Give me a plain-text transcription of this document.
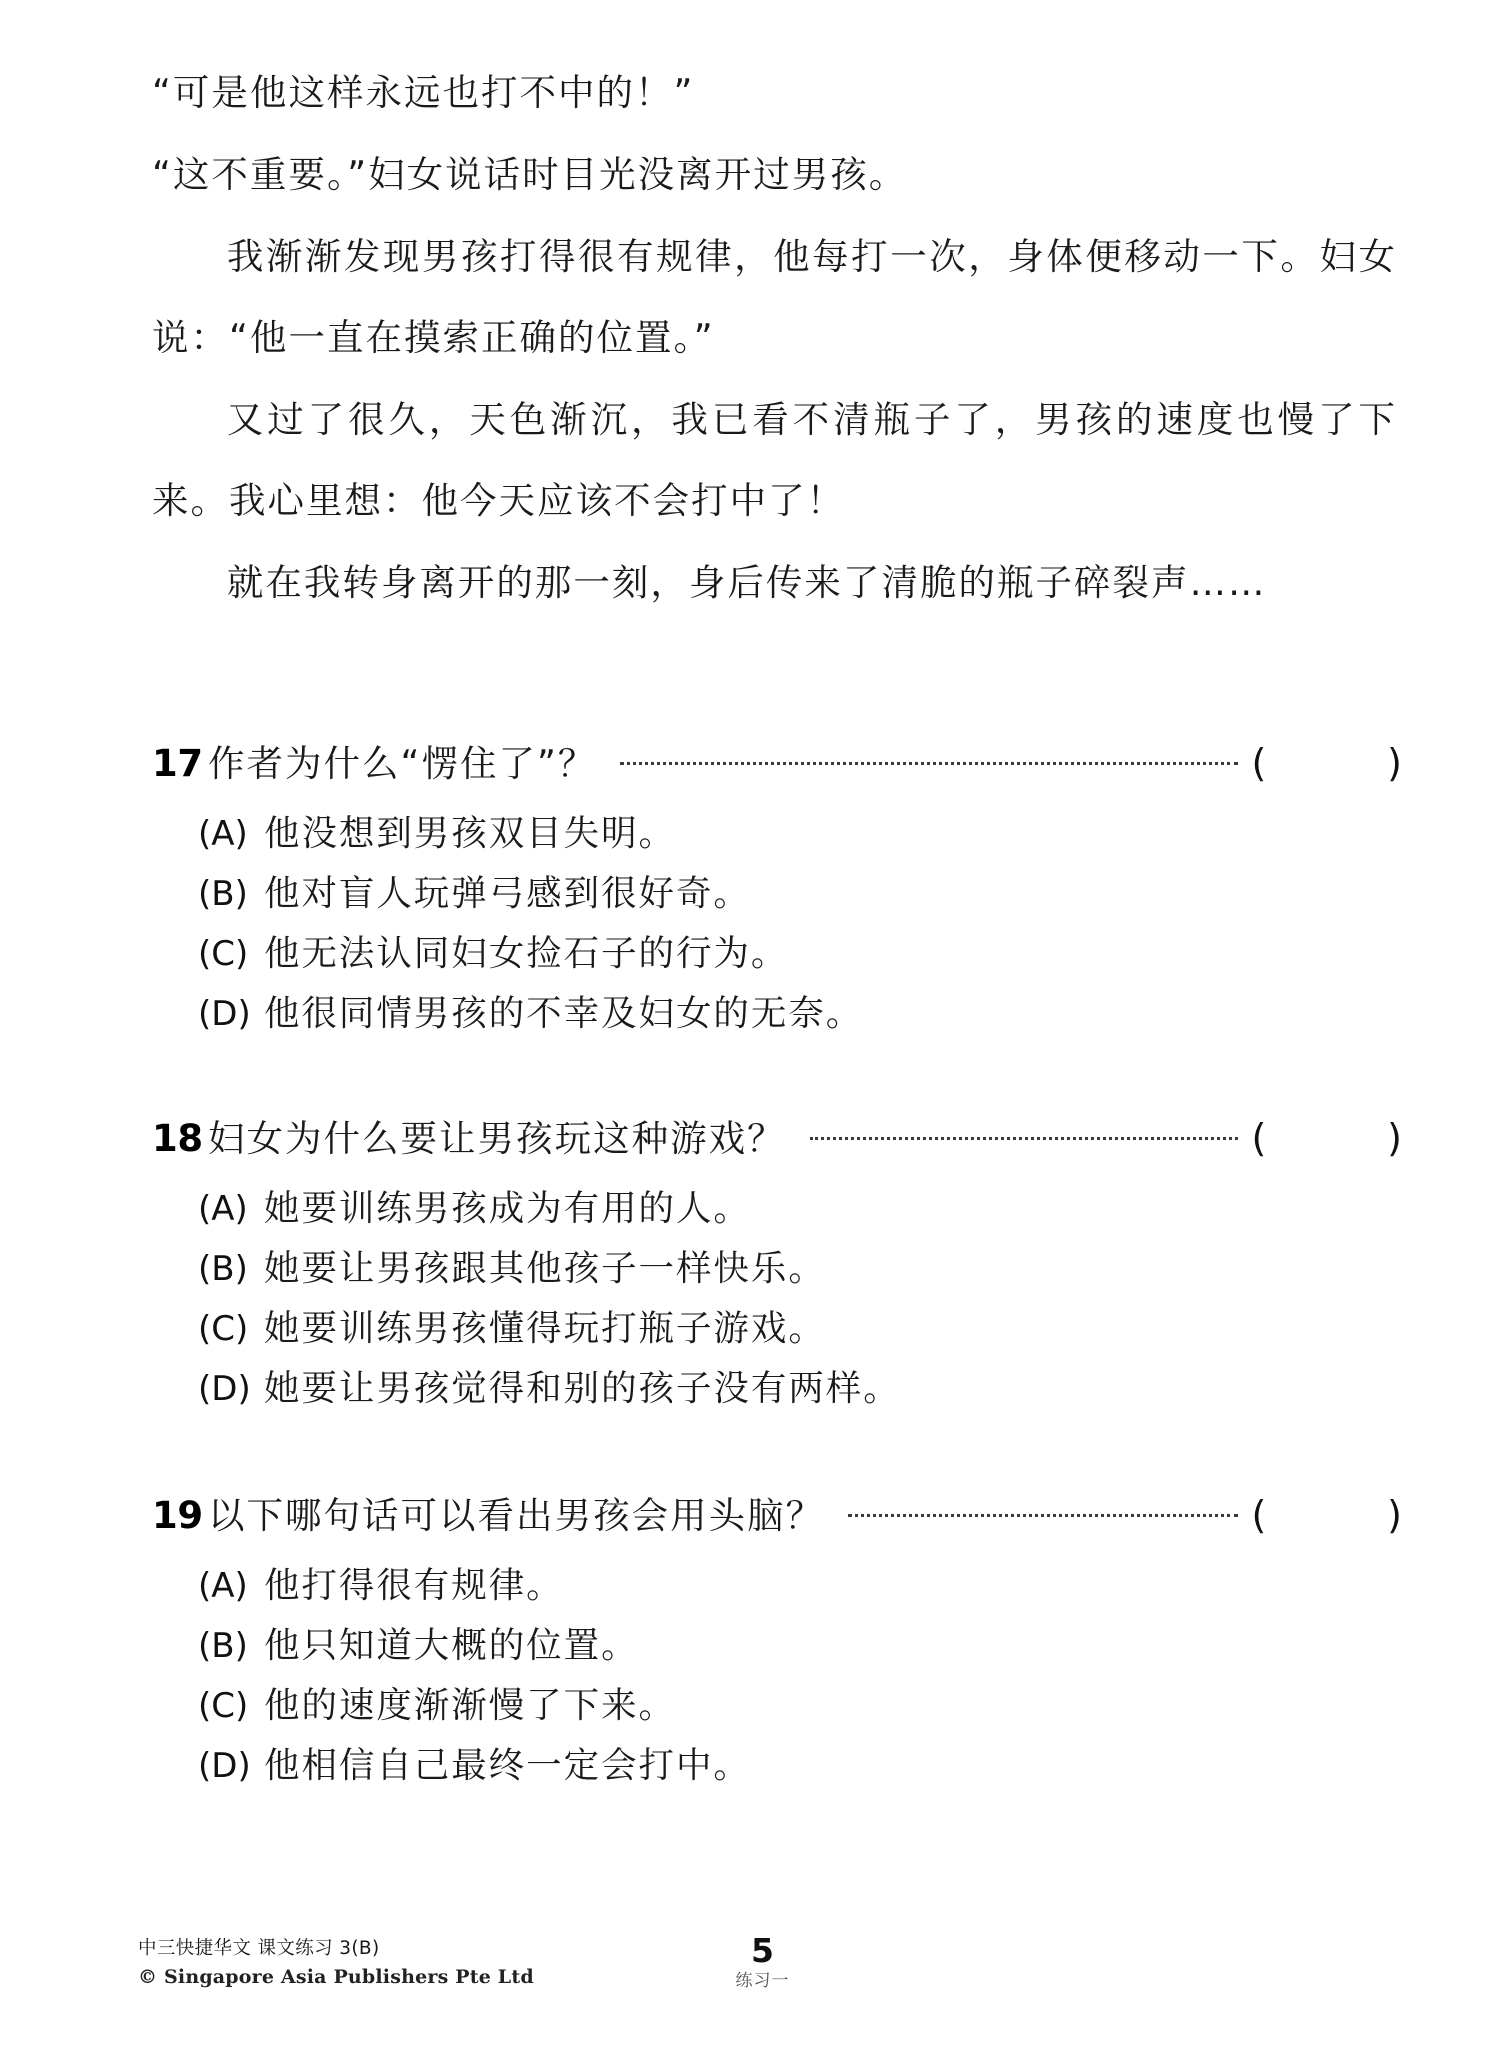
“可是他这样永远也打不中的！”

“这不重要。”妇女说话时目光没离开过男孩。

我渐渐发现男孩打得很有规律，他每打一次，身体便移动一下。妇女说：“他一直在摸索正确的位置。”

又过了很久，天色渐沉，我已看不清瓶子了，男孩的速度也慢了下来。我心里想：他今天应该不会打中了！

就在我转身离开的那一刻，身后传来了清脆的瓶子碎裂声……

17 作者为什么“愣住了”？	(          )
(A) 他没想到男孩双目失明。
(B) 他对盲人玩弹弓感到很好奇。
(C) 他无法认同妇女捡石子的行为。
(D) 他很同情男孩的不幸及妇女的无奈。
18 妇女为什么要让男孩玩这种游戏？	(          )
(A) 她要训练男孩成为有用的人。
(B) 她要让男孩跟其他孩子一样快乐。
(C) 她要训练男孩懂得玩打瓶子游戏。
(D) 她要让男孩觉得和别的孩子没有两样。
19 以下哪句话可以看出男孩会用头脑？	(          )
(A) 他打得很有规律。
(B) 他只知道大概的位置。
(C) 他的速度渐渐慢了下来。
(D) 他相信自己最终一定会打中。
中三快捷华文 课文练习 3(B)
© Singapore Asia Publishers Pte Ltd
5
练习一
